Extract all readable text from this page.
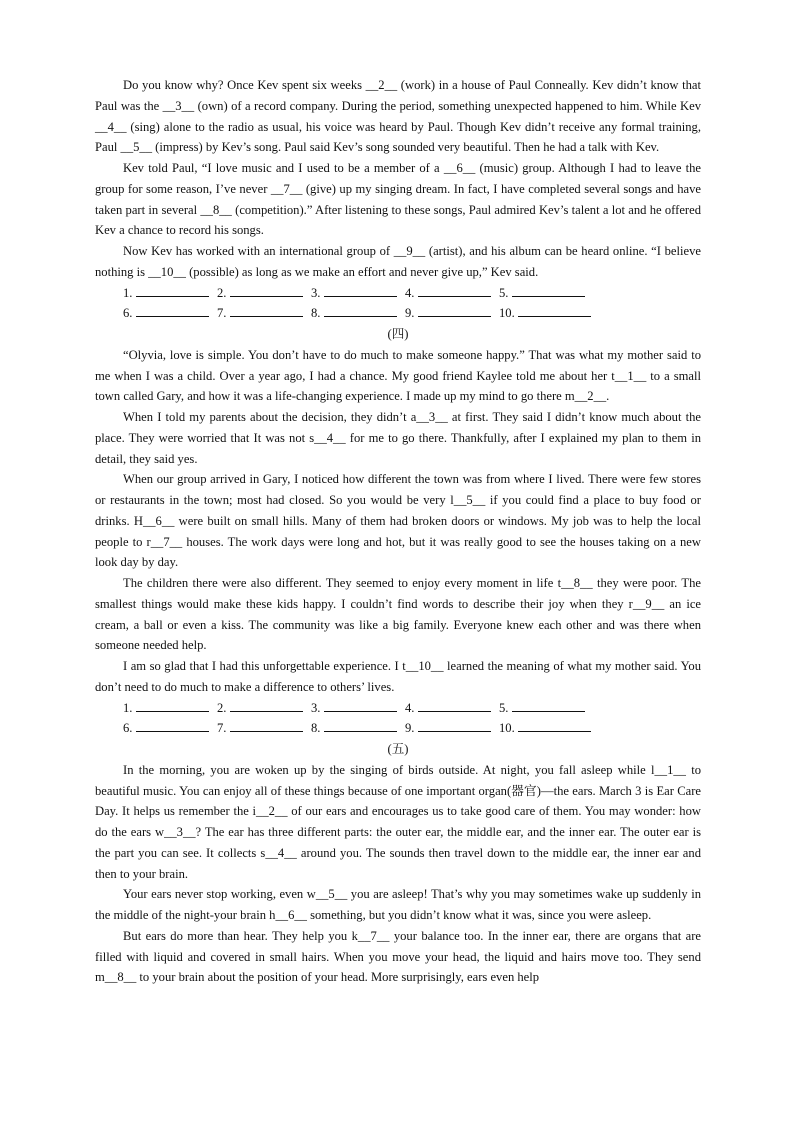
Do you know why? Once Kev spent six weeks __2__ (work) in a house of Paul Conneally. Kev didn’t know that Paul was the __3__ (own) of a record company. During the period, something unexpected happened to him. While Kev __4__ (sing) alone to the radio as usual, his voice was heard by Paul. Though Kev didn’t receive any formal training, Paul __5__ (impress) by Kev’s song. Paul said Kev’s song sounded very beautiful. Then he had a talk with Kev.

Kev told Paul, “I love music and I used to be a member of a __6__ (music) group. Although I had to leave the group for some reason, I’ve never __7__ (give) up my singing dream. In fact, I have completed several songs and have taken part in several __8__ (competition).” After listening to these songs, Paul admired Kev’s talent a lot and he offered Kev a chance to record his songs.

Now Kev has worked with an international group of __9__ (artist), and his album can be heard online. “I believe nothing is __10__ (possible) as long as we make an effort and never give up,” Kev said.

1.	2.	3.	4.	5.
6.	7.	8.	9.	10.

(四)

“Olyvia, love is simple. You don’t have to do much to make someone happy.” That was what my mother said to me when I was a child. Over a year ago, I had a chance. My good friend Kaylee told me about her t__1__ to a small town called Gary, and how it was a life-changing experience. I made up my mind to go there m__2__.

When I told my parents about the decision, they didn’t a__3__ at first. They said I didn’t know much about the place. They were worried that It was not s__4__ for me to go there. Thankfully, after I explained my plan to them in detail, they said yes.

When our group arrived in Gary, I noticed how different the town was from where I lived. There were few stores or restaurants in the town; most had closed. So you would be very l__5__ if you could find a place to buy food or drinks. H__6__ were built on small hills. Many of them had broken doors or windows. My job was to help the local people to r__7__ houses. The work days were long and hot, but it was really good to see the houses taking on a new look day by day.

The children there were also different. They seemed to enjoy every moment in life t__8__ they were poor. The smallest things would make these kids happy. I couldn’t find words to describe their joy when they r__9__ an ice cream, a ball or even a kiss. The community was like a big family. Everyone knew each other and was there when someone needed help.

I am so glad that I had this unforgettable experience. I t__10__ learned the meaning of what my mother said. You don’t need to do much to make a difference to others’ lives.

1.	2.	3.	4.	5.
6.	7.	8.	9.	10.

(五)

In the morning, you are woken up by the singing of birds outside. At night, you fall asleep while l__1__ to beautiful music. You can enjoy all of these things because of one important organ(器官)—the ears. March 3 is Ear Care Day. It helps us remember the i__2__ of our ears and encourages us to take good care of them. You may wonder: how do the ears w__3__? The ear has three different parts: the outer ear, the middle ear, and the inner ear. The outer ear is the part you can see. It collects s__4__ around you. The sounds then travel down to the middle ear, the inner ear and then to your brain.

Your ears never stop working, even w__5__ you are asleep! That’s why you may sometimes wake up suddenly in the middle of the night-your brain h__6__ something, but you didn’t know what it was, since you were asleep.

But ears do more than hear. They help you k__7__ your balance too. In the inner ear, there are organs that are filled with liquid and covered in small hairs. When you move your head, the liquid and hairs move too. They send m__8__ to your brain about the position of your head. More surprisingly, ears even help
